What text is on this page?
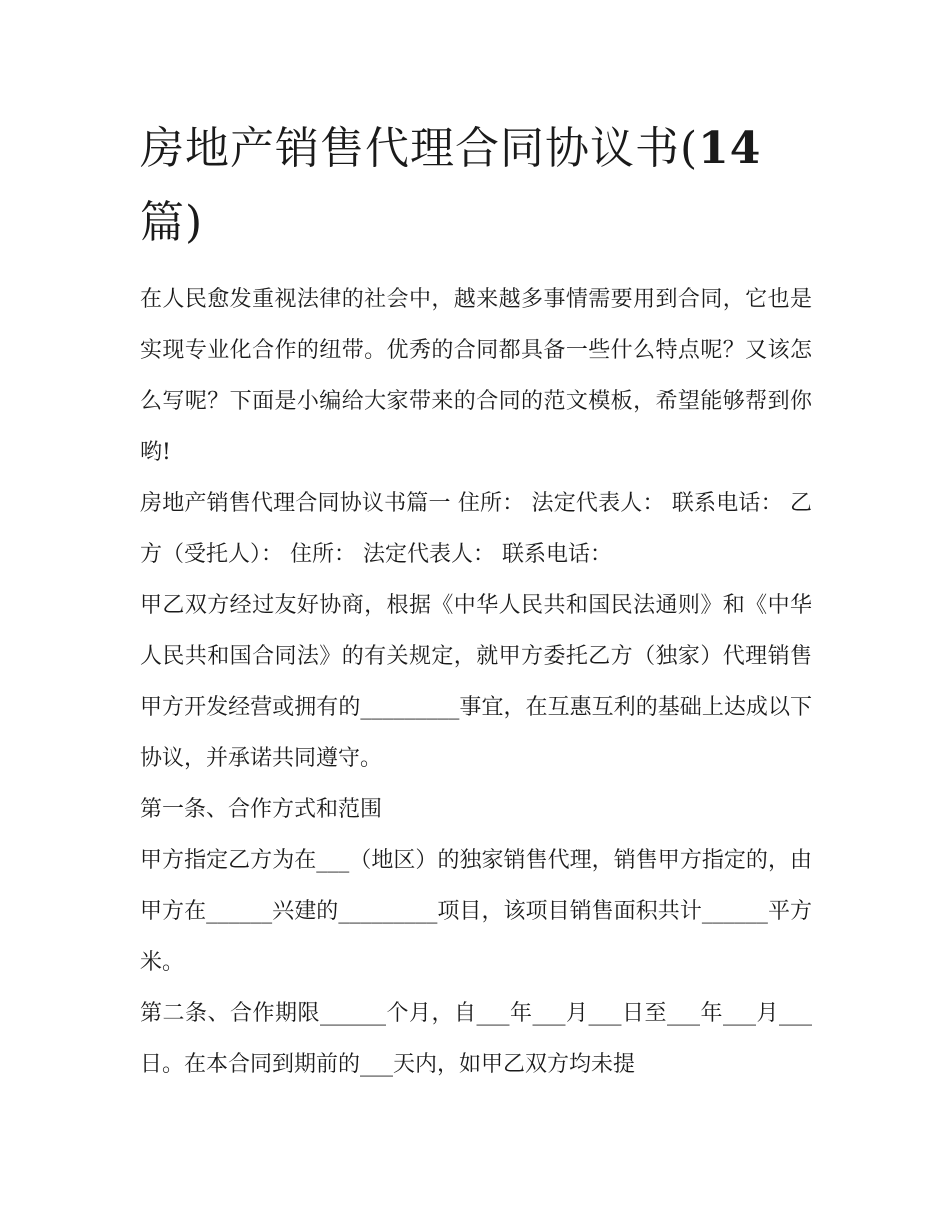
房地产销售代理合同协议书(14
篇)

在人民愈发重视法律的社会中，越来越多事情需要用到合同，它也是实现专业化合作的纽带。优秀的合同都具备一些什么特点呢？又该怎么写呢？下面是小编给大家带来的合同的范文模板，希望能够帮到你哟!

房地产销售代理合同协议书篇一 住所： 法定代表人： 联系电话： 乙方（受托人）： 住所： 法定代表人： 联系电话：

甲乙双方经过友好协商，根据《中华人民共和国民法通则》和《中华人民共和国合同法》的有关规定，就甲方委托乙方（独家）代理销售甲方开发经营或拥有的_________事宜，在互惠互利的基础上达成以下协议，并承诺共同遵守。

第一条、合作方式和范围

甲方指定乙方为在___（地区）的独家销售代理，销售甲方指定的，由甲方在______兴建的_________项目，该项目销售面积共计______平方米。

第二条、合作期限______个月，自___年___月___日至___年___月___日。在本合同到期前的___天内，如甲乙双方均未提
